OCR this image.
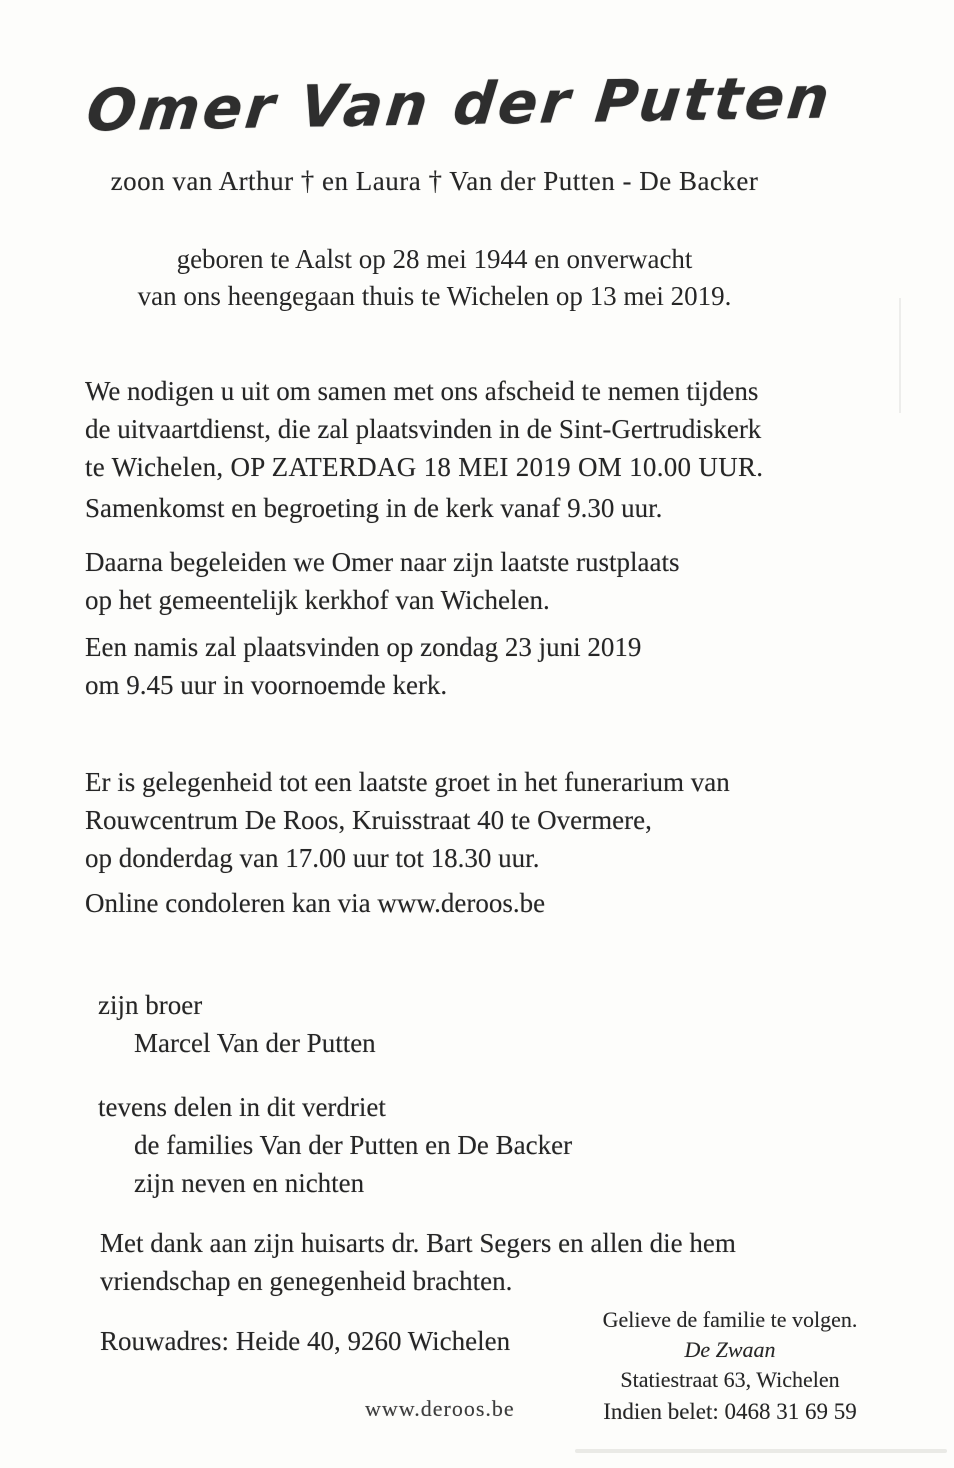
Omer Van der Putten
zoon van Arthur † en Laura † Van der Putten - De Backer
geboren te Aalst op 28 mei 1944 en onverwacht
van ons heengegaan thuis te Wichelen op 13 mei 2019.
We nodigen u uit om samen met ons afscheid te nemen tijdens
de uitvaartdienst, die zal plaatsvinden in de Sint-Gertrudiskerk
te Wichelen, OP ZATERDAG 18 MEI 2019 OM 10.00 UUR.
Samenkomst en begroeting in de kerk vanaf 9.30 uur.
Daarna begeleiden we Omer naar zijn laatste rustplaats
op het gemeentelijk kerkhof van Wichelen.
Een namis zal plaatsvinden op zondag 23 juni 2019
om 9.45 uur in voornoemde kerk.
Er is gelegenheid tot een laatste groet in het funerarium van
Rouwcentrum De Roos, Kruisstraat 40 te Overmere,
op donderdag van 17.00 uur tot 18.30 uur.
Online condoleren kan via www.deroos.be
zijn broer
Marcel Van der Putten
tevens delen in dit verdriet
de families Van der Putten en De Backer
zijn neven en nichten
Met dank aan zijn huisarts dr. Bart Segers en allen die hem
vriendschap en genegenheid brachten.
Rouwadres: Heide 40, 9260 Wichelen
Gelieve de familie te volgen.
De Zwaan
Statiestraat 63, Wichelen
Indien belet: 0468 31 69 59
www.deroos.be
